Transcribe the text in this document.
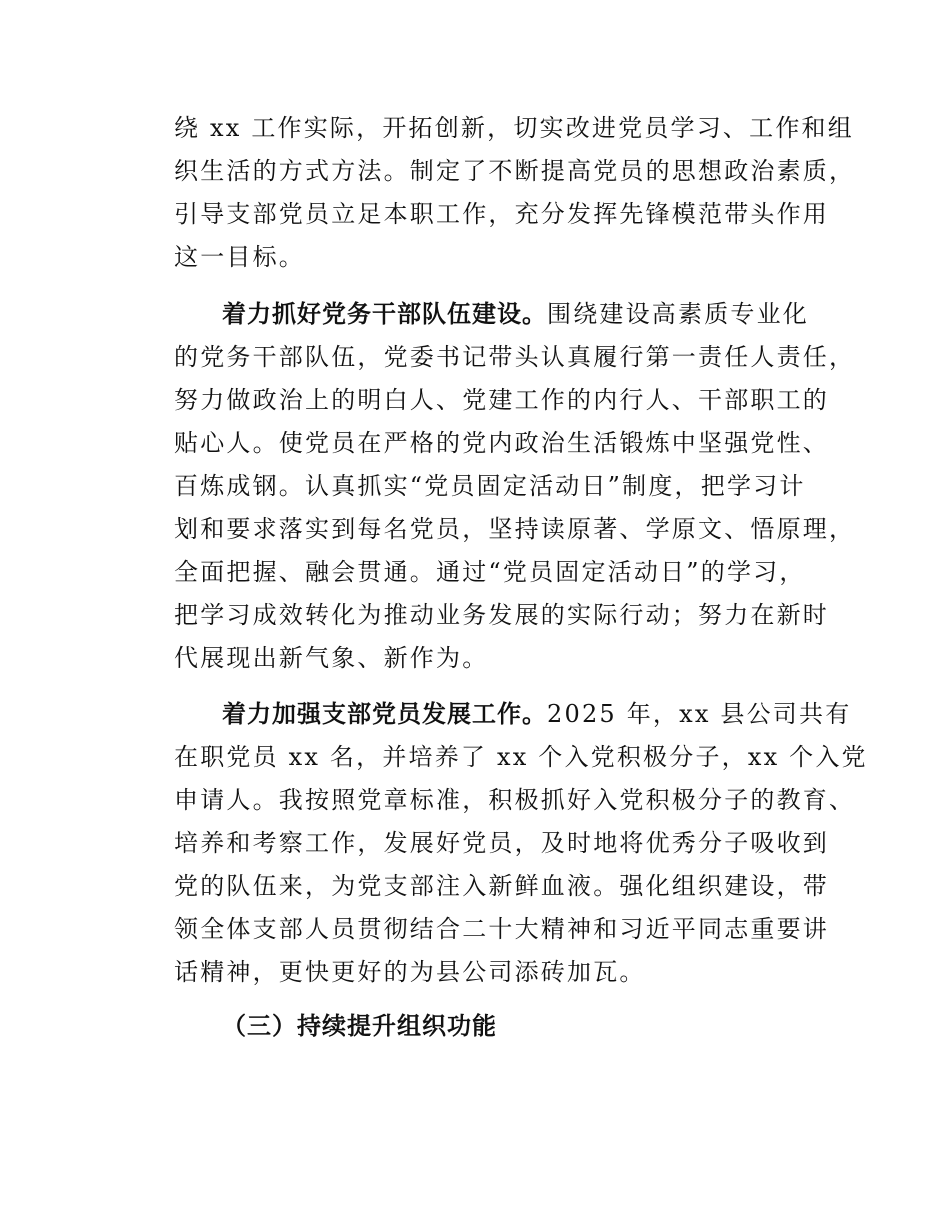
绕 xx 工作实际，开拓创新，切实改进党员学习、工作和组
织生活的方式方法。制定了不断提高党员的思想政治素质，
引导支部党员立足本职工作，充分发挥先锋模范带头作用
这一目标。
着力抓好党务干部队伍建设。围绕建设高素质专业化
的党务干部队伍，党委书记带头认真履行第一责任人责任，
努力做政治上的明白人、党建工作的内行人、干部职工的
贴心人。使党员在严格的党内政治生活锻炼中坚强党性、
百炼成钢。认真抓实“党员固定活动日”制度，把学习计
划和要求落实到每名党员，坚持读原著、学原文、悟原理，
全面把握、融会贯通。通过“党员固定活动日”的学习，
把学习成效转化为推动业务发展的实际行动；努力在新时
代展现出新气象、新作为。
着力加强支部党员发展工作。2025 年，xx 县公司共有
在职党员 xx 名，并培养了 xx 个入党积极分子，xx 个入党
申请人。我按照党章标准，积极抓好入党积极分子的教育、
培养和考察工作，发展好党员，及时地将优秀分子吸收到
党的队伍来，为党支部注入新鲜血液。强化组织建设，带
领全体支部人员贯彻结合二十大精神和习近平同志重要讲
话精神，更快更好的为县公司添砖加瓦。
（三）持续提升组织功能
